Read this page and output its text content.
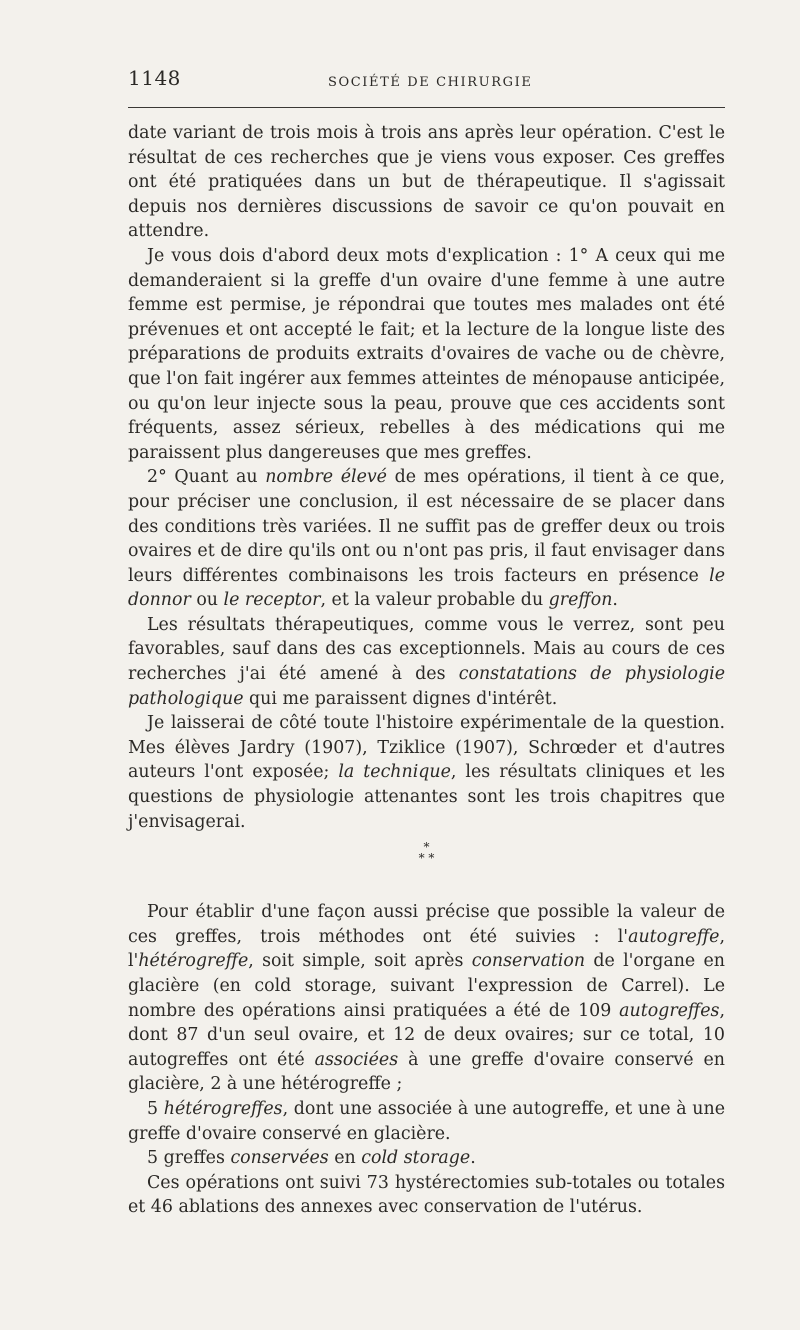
1148	SOCIÉTÉ DE CHIRURGIE

date variant de trois mois à trois ans après leur opération. C'est le résultat de ces recherches que je viens vous exposer. Ces greffes ont été pratiquées dans un but de thérapeutique. Il s'agissait depuis nos dernières discussions de savoir ce qu'on pouvait en attendre.

Je vous dois d'abord deux mots d'explication : 1° A ceux qui me demanderaient si la greffe d'un ovaire d'une femme à une autre femme est permise, je répondrai que toutes mes malades ont été prévenues et ont accepté le fait; et la lecture de la longue liste des préparations de produits extraits d'ovaires de vache ou de chèvre, que l'on fait ingérer aux femmes atteintes de ménopause anticipée, ou qu'on leur injecte sous la peau, prouve que ces accidents sont fréquents, assez sérieux, rebelles à des médications qui me paraissent plus dangereuses que mes greffes.

2° Quant au nombre élevé de mes opérations, il tient à ce que, pour préciser une conclusion, il est nécessaire de se placer dans des conditions très variées. Il ne suffit pas de greffer deux ou trois ovaires et de dire qu'ils ont ou n'ont pas pris, il faut envisager dans leurs différentes combinaisons les trois facteurs en présence le donnor ou le receptor, et la valeur probable du greffon.

Les résultats thérapeutiques, comme vous le verrez, sont peu favorables, sauf dans des cas exceptionnels. Mais au cours de ces recherches j'ai été amené à des constatations de physiologie pathologique qui me paraissent dignes d'intérêt.

Je laisserai de côté toute l'histoire expérimentale de la question. Mes élèves Jardry (1907), Tziklice (1907), Schrœder et d'autres auteurs l'ont exposée; la technique, les résultats cliniques et les questions de physiologie attenantes sont les trois chapitres que j'envisagerai.

*
* *

Pour établir d'une façon aussi précise que possible la valeur de ces greffes, trois méthodes ont été suivies : l'autogreffe, l'hétérogreffe, soit simple, soit après conservation de l'organe en glacière (en cold storage, suivant l'expression de Carrel). Le nombre des opérations ainsi pratiquées a été de 109 autogreffes, dont 87 d'un seul ovaire, et 12 de deux ovaires; sur ce total, 10 autogreffes ont été associées à une greffe d'ovaire conservé en glacière, 2 à une hétérogreffe ;

5 hétérogreffes, dont une associée à une autogreffe, et une à une greffe d'ovaire conservé en glacière.

5 greffes conservées en cold storage.

Ces opérations ont suivi 73 hystérectomies sub-totales ou totales et 46 ablations des annexes avec conservation de l'utérus.
